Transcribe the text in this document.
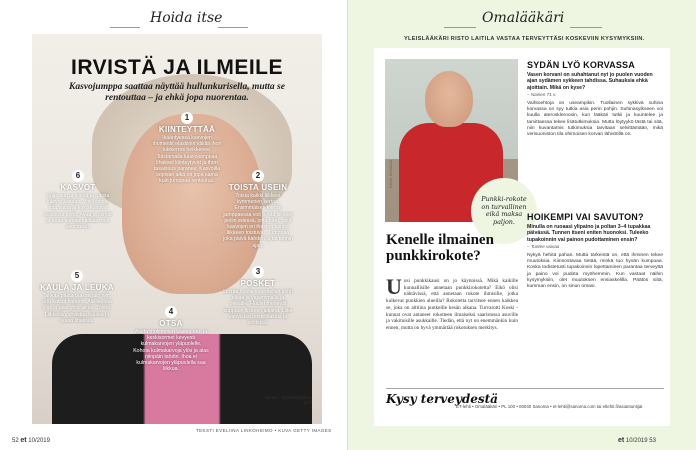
Hoida itse
IRVISTÄ JA ILMEILE
Kasvojumppa saattaa näyttää hullunkurisella, mutta se rentouttaa – ja ehkä jopa nuorentaa.
1
KIINTEYTTÄÄ
Ikääntyessä kasvojen ihomentit elastiinin väliltä ihon tukikerros heikkenee. Toistamalla kasvojumppaa lihakset kiinteytyvät ja ihon tasaisuus paranee. Kasvoilla sopivan aika on jopa sama kuin jumppaa rentoutuu.
2
TOISTA USEIN
Toista kaikki liikkeet kymmenen kertaa. Ensimmäisen kerran jumppaessa voit tehdä liikkeet peilin edessä, jotta näet, mitä kasvojen eri ihasten kautta liikkeen toistuvat. Jumppaa joka päivä kahden ja tai tunnin ajan.
3
POSKET
Liikuta huulia vuorotellen kohti olkaa ja vasemmalle ja oikealle. Huulet menevät suppuun liikkeen aikana. Liike vahvistaa poskilihaksia ja virkistää.
4
OTSA
Aseta molempien käsien etu- ja keskisormet kevyesti kulmakarvojen yläpuolelle. Kohota kulmakarvoja ylös ja alas niinpäin tahdin. Ihoa ei kulmakarvojen yläpuolella saa liikkua.
5
KAULA JA LEUKA
Taivuta päätä taaksepäin niin, että katsot kattoon. Ala-leukaa ylös ja alas yhtä aikaa. Toista. Liikkeitä vahvistaa kaulaa ja leuan lihaksia.
6
KASVOT
Sulje suu ja silmät ja rutista kasvot kasaan. Voit tuntea, että vatsa ja koko kasvosi keskiosa kohti. Avaa ja silmät ja avaa samaan aikaan suu avoimeksi.
Lähteet: Työterveyslaitos, yle.fi
TEKSTI EVELIINA LINKOHEIMO • KUVA GETTY IMAGES
52 et 10/2019
Omalääkäri
YLEISLÄÄKÄRI RISTO LAITILA VASTAA TERVEYTTÄSI KOSKEVIIN KYSYMYKSIIN.
KUVA: KUVAAJA
Punkki-rokote on turvallinen eikä maksa paljon.
Kenelle ilmainen punkkirokote?
U usi punkkikausi on jo käynnissä. Mikä kaikille kunnallisille annetaan punkkirokotetta? Eikö olisi nähtävissä, että annetaan rokote ihmisille, jotka kulkevat punkkien alueilla? Rokotetta tarvitsee ennen kaikkea se, joka on alttiina punkeille kesän aikana. Turvarotti Koski -kunnat ovat antaneet rokotteen ilmaiseksi saaristossa asuville ja vakituisille asukkaille. Tiedän, että nyt on enemmänkin kuin ennen, mutta on hyvä ymmärtää rokotuksen merkitys.
SYDÄN LYÖ KORVASSA
Vasen korvani on suhahtanut nyt jo puolen vuoden ajan sydämen sykkeen tahdissa. Suhauksia ehkä ajoittain. Mikä on kyse?
– Nainen 71 v.
Vaihtoehtoja on useampikin. Tuollainen sykkivä suhina korvassa on syy tutkia asia perin pohjin. Suhinasyikseen voi kuulla ateroskleroosin, kun lääkäri tutkii ja kuuntelee ja tarvittaessa tekee lisätutkimuksia. Mutta löytyykö tästä tai sitä, niin kuvantamis tutkimuksia tarvitaan selvittämään, mikä verisuoniston tila ohimoisen korvan lähistöllä on.
HOIKEMPI VAI SAVUTON?
Minulla on ruoaasi ylipaino ja poltan 3–4 tupakkaa päivässä. Tunnen itseni eniten huonoksi. Tuleeko tupakoinnin vai painon pudottaminen ensin?
– Tuntee vaivaa
Nykyä hehitä pahan. Mutta tärkeintä on, että ihminen tekee muutoksia. Kiinnostavaa tietää, minkä tuo hyvän kumpuaa. Koska todistetusti tupakoinnin lopettaminen parantaa terveyttä ja paino voi pudota myöhemmin. Kun vastaat näihin kysymyksiin, olet muutoksen ensiaskelilla. Päätös siitä, kumman ensin, on sinun omasi.
Kysy terveydestä
ET-lehti • Omalääkäri • PL 100 • 00040 Sanoma • et-lehti@sanoma.com tai etlehti.fi/asiantuntijat
et 10/2019 53
